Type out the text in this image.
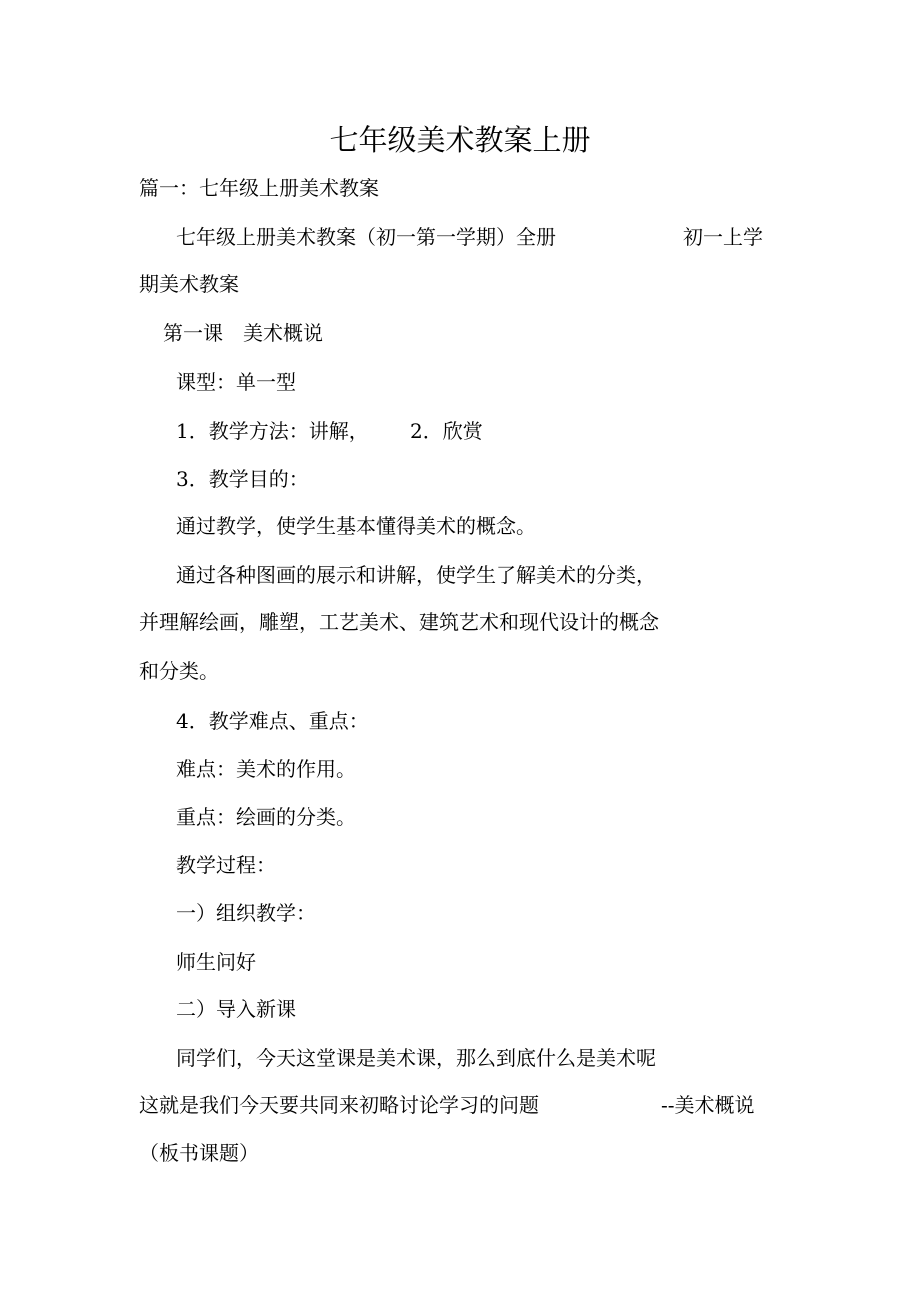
七年级美术教案上册
篇一：七年级上册美术教案
七年级上册美术教案（初一第一学期）全册	初一上学
期美术教案
第一课　美术概说
课型：单一型
1．教学方法：讲解， 2．欣赏
3．教学目的：
通过教学，使学生基本懂得美术的概念。
通过各种图画的展示和讲解，使学生了解美术的分类，
并理解绘画，雕塑，工艺美术、建筑艺术和现代设计的概念
和分类。
4．教学难点、重点：
难点：美术的作用。
重点：绘画的分类。
教学过程：
一）组织教学：
师生问好
二）导入新课
同学们，今天这堂课是美术课，那么到底什么是美术呢
这就是我们今天要共同来初略讨论学习的问题	--美术概说
（板书课题）
